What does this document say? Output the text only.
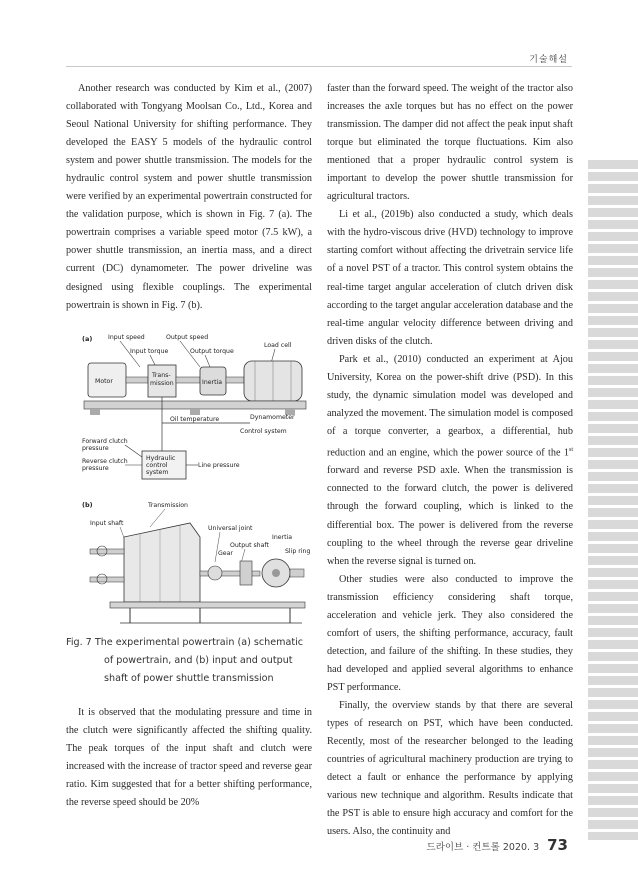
기술해설

Another research was conducted by Kim et al., (2007) collaborated with Tongyang Moolsan Co., Ltd., Korea and Seoul National University for shifting performance. They developed the EASY 5 models of the hydraulic control system and power shuttle transmission. The models for the hydraulic control system and power shuttle transmission were verified by an experimental powertrain constructed for the validation purpose, which is shown in Fig. 7 (a). The powertrain comprises a variable speed motor (7.5 kW), a power shuttle transmission, an inertia mass, and a direct current (DC) dynamometer. The power driveline was designed using flexible couplings. The experimental powertrain is shown in Fig. 7 (b).

(a)	Input speed	Output speed
Input torque	Output torque
Load cell
Motor
Trans-
mission	Inertia
Oil temperature	Dynamometer
Control system
Forward clutch
pressure
Reverse clutch
pressure
Hydraulic
control
system
Line pressure
(b)	Transmission
Input shaft
Universal joint
Inertia
Output shaft
Gear	Slip ring
Fig. 7 The experimental powertrain (a) schematic
of powertrain, and (b) input and output
shaft of power shuttle transmission

It is observed that the modulating pressure and time in the clutch were significantly affected the shifting quality. The peak torques of the input shaft and clutch were increased with the increase of tractor speed and reverse gear ratio. Kim suggested that for a better shifting performance, the reverse speed should be 20%

faster than the forward speed. The weight of the tractor also increases the axle torques but has no effect on the power transmission. The damper did not affect the peak input shaft torque but eliminated the torque fluctuations. Kim also mentioned that a proper hydraulic control system is important to develop the power shuttle transmission for agricultural tractors.

Li et al., (2019b) also conducted a study, which deals with the hydro-viscous drive (HVD) technology to improve starting comfort without affecting the drivetrain service life of a novel PST of a tractor. This control system obtains the real-time target angular acceleration of clutch driven disk according to the target angular acceleration database and the real-time angular velocity difference between driving and driven disks of the clutch.

Park et al., (2010) conducted an experiment at Ajou University, Korea on the power-shift drive (PSD). In this study, the dynamic simulation model was developed and analyzed the movement. The simulation model is composed of a torque converter, a gearbox, a differential, hub reduction and an engine, which the power source of the 1st forward and reverse PSD axle. When the transmission is connected to the forward clutch, the power is delivered through the forward coupling, which is linked to the differential box. The power is delivered from the reverse coupling to the wheel through the reverse gear driveline when the reverse signal is turned on.

Other studies were also conducted to improve the transmission efficiency considering shaft torque, acceleration and vehicle jerk. They also considered the comfort of users, the shifting performance, accuracy, fault detection, and failure of the shifting. In these studies, they had developed and applied several algorithms to enhance PST performance.

Finally, the overview stands by that there are several types of research on PST, which have been conducted. Recently, most of the researcher belonged to the leading countries of agricultural machinery production are trying to detect a fault or enhance the performance by applying various new technique and algorithm. Results indicate that the PST is able to ensure high accuracy and comfort for the users. Also, the continuity and

드라이브 · 컨트롤 2020. 3 73
